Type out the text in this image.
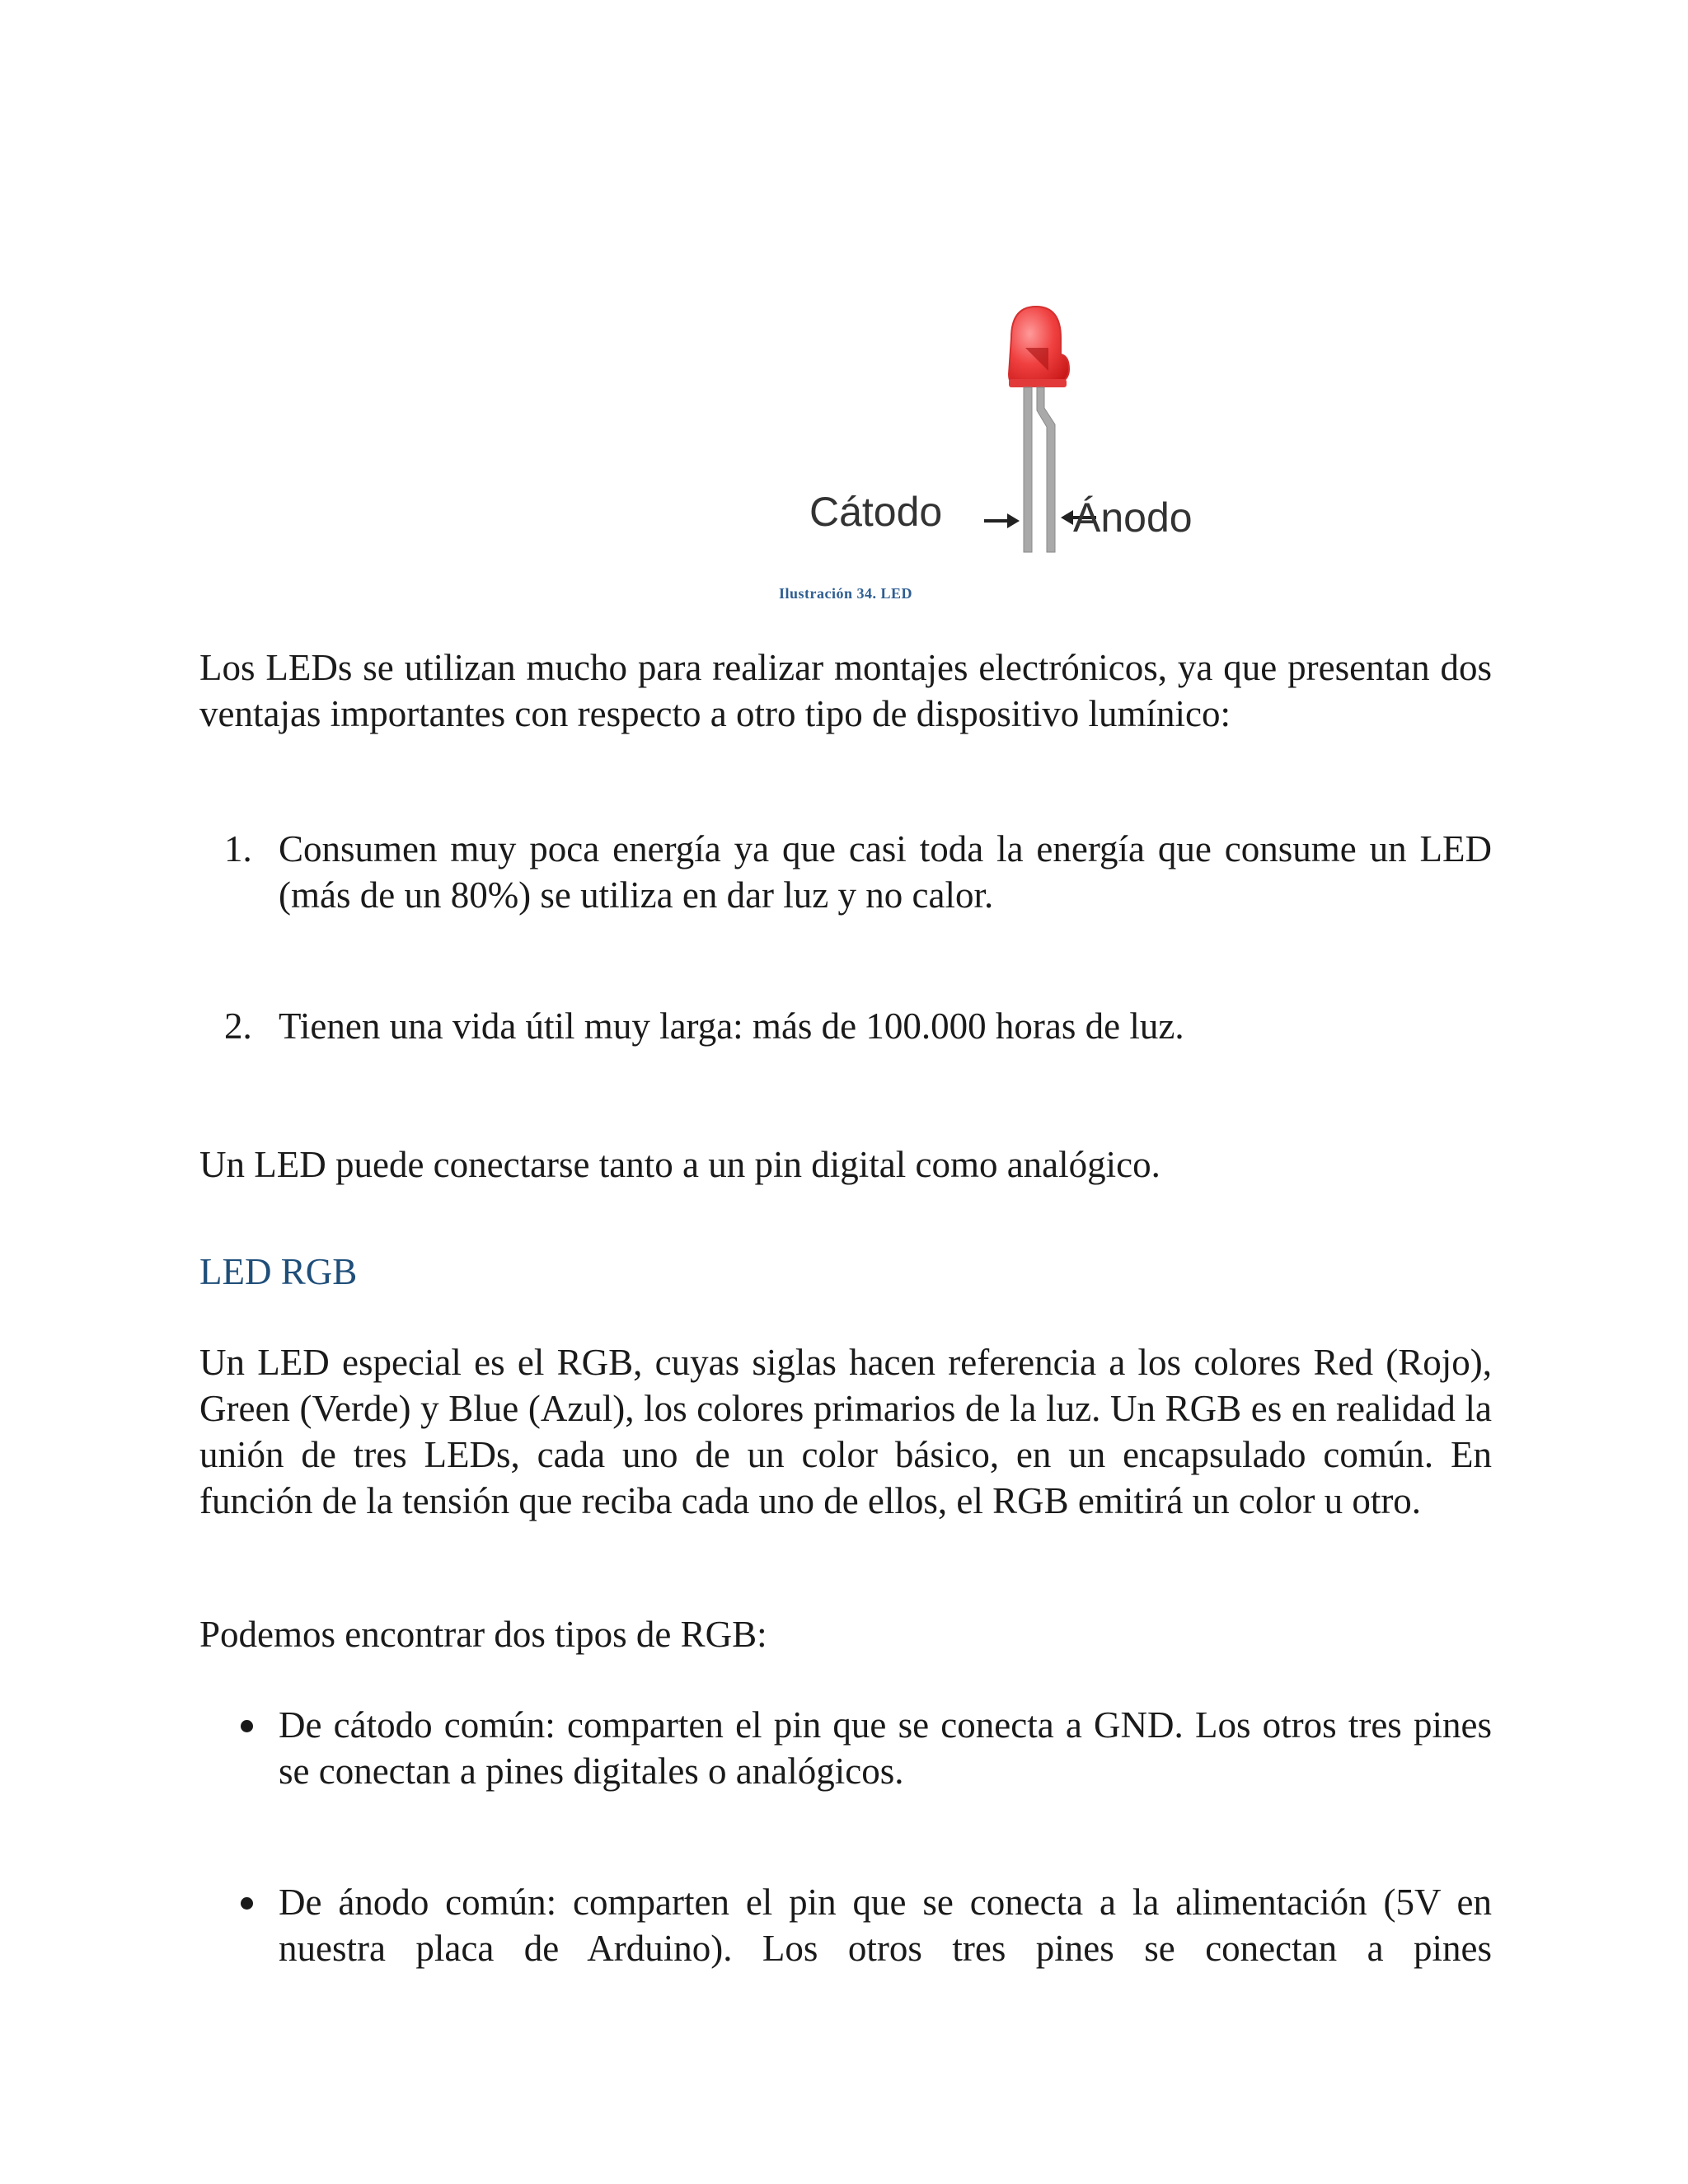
Cátodo	Ánodo
Ilustración 34. LED

Los LEDs se utilizan mucho para realizar montajes electrónicos, ya que presentan dos ventajas importantes con respecto a otro tipo de dispositivo lumínico:

1. Consumen muy poca energía ya que casi toda la energía que consume un LED (más de un 80%) se utiliza en dar luz y no calor.
2. Tienen una vida útil muy larga: más de 100.000 horas de luz.

Un LED puede conectarse tanto a un pin digital como analógico.

LED RGB

Un LED especial es el RGB, cuyas siglas hacen referencia a los colores Red (Rojo), Green (Verde) y Blue (Azul), los colores primarios de la luz. Un RGB es en realidad la unión de tres LEDs, cada uno de un color básico, en un encapsulado común. En función de la tensión que reciba cada uno de ellos, el RGB emitirá un color u otro.

Podemos encontrar dos tipos de RGB:

De cátodo común: comparten el pin que se conecta a GND. Los otros tres pines se conectan a pines digitales o analógicos.
De ánodo común: comparten el pin que se conecta a la alimentación (5V en nuestra placa de Arduino). Los otros tres pines se conectan a pines
